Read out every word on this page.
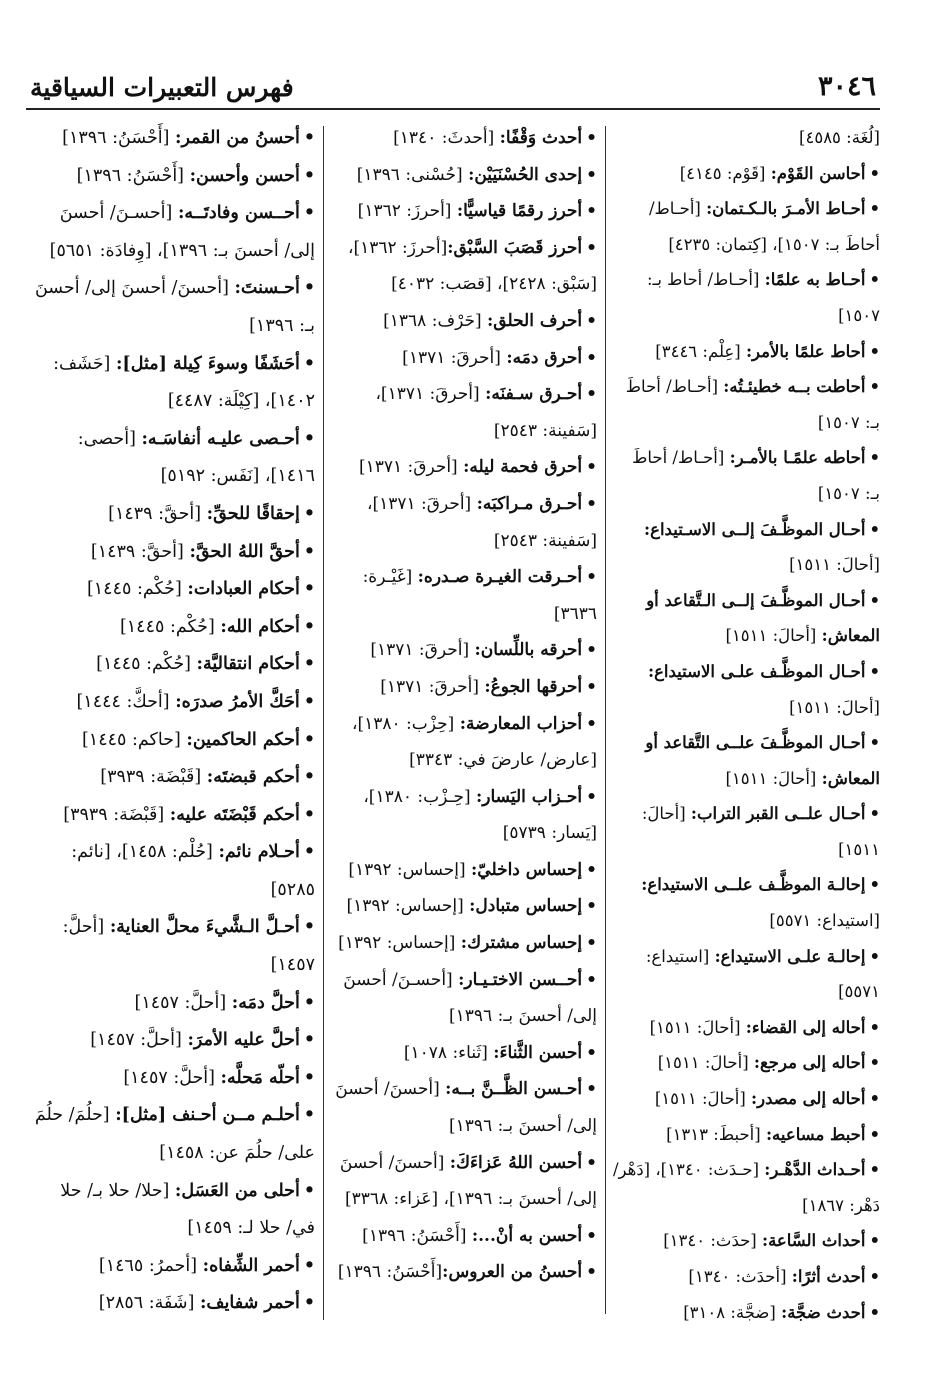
٣٠٤٦
فهرس التعبيرات السياقية

[لُغَة: ٤٥٨٥]

•أحاسن القَوْم: [قَوْم: ٤١٤٥]

•أحـاط الأمـرَ بالـكـتمان: [أحـاط/ أحاطَ بـ: ١٥٠٧]، [كِتمان: ٤٢٣٥]

•أحـاط به علمًا: [أحـاط/ أحاط بـ: ١٥٠٧]

•أحاط علمًا بالأمر: [عِلْم: ٣٤٤٦]

•أحاطت بــه خطيئـتُه: [أحـاط/ أحاطَ بـ: ١٥٠٧]

•أحاطه علمًـا بالأمـر: [أحـاط/ أحاطَ بـ: ١٥٠٧]

•أحـال الموظَّـفَ إلــى الاسـتيداع: [أحالَ: ١٥١١]

•أحـال الموظَّـفَ إلــى الـتَّقاعد أو المعاش: [أحالَ: ١٥١١]

•أحـال الموظَّـف علـى الاستيداع: [أحالَ: ١٥١١]

•أحـال الموظَّـفَ علــى التَّقاعد أو المعاش: [أحالَ: ١٥١١]

•أحـال علــى القبر التراب: [أحالَ: ١٥١١]

•إحالـة الموظَّـف علــى الاستيداع: [استيداع: ٥٥٧١]

•إحالـة علـى الاستيداع: [استيداع: ٥٥٧١]

•أحاله إلى القضاء: [أحالَ: ١٥١١]

•أحاله إلى مرجع: [أحالَ: ١٥١١]

•أحاله إلى مصدر: [أحالَ: ١٥١١]

•أحبط مساعيه: [أحبطَ: ١٣١٣]

•أحـداث الدَّهْـر: [حـدَث: ١٣٤٠]، [دَهْر/ دَهْر: ١٨٦٧]

•أحداث السَّاعة: [حدَث: ١٣٤٠]

•أحدث أثرًا: [أحدَث: ١٣٤٠]

•أحدث ضجَّة: [ضجَّة: ٣١٠٨]

•أحدث وَقْفًا: [أحدثَ: ١٣٤٠]

•إحدى الحُسْنَيَيْن: [حُسْنى: ١٣٩٦]

•أحرز رقمًا قياسيًّا: [أحرزَ: ١٣٦٢]

•أحرز قَصَبَ السَّبْق:[أحرزَ: ١٣٦٢]، [سَبْق: ٢٤٢٨]، [قصَب: ٤٠٣٢]

•أحرف الحلق: [حَرْف: ١٣٦٨]

•أحرق دمَه: [أحرقَ: ١٣٧١]

•أحـرق سـفنَه: [أحرقَ: ١٣٧١]، [سَفينة: ٢٥٤٣]

•أحرق فحمة ليله: [أحرقَ: ١٣٧١]

•أحـرق مـراكبَه: [أحرقَ: ١٣٧١]، [سَفينة: ٢٥٤٣]

•أحـرقت الغيـرة صـدره: [غَيْـرة: ٣٦٣٦]

•أحرقه باللِّسان: [أحرقَ: ١٣٧١]

•أحرقها الجوعُ: [أحرقَ: ١٣٧١]

•أحزاب المعارضة: [حِزْب: ١٣٨٠]، [عارض/ عارضَ في: ٣٣٤٣]

•أحـزاب اليَسار: [حِـزْب: ١٣٨٠]، [يَسار: ٥٧٣٩]

•إحساس داخليّ: [إحساس: ١٣٩٢]

•إحساس متبادل: [إحساس: ١٣٩٢]

•إحساس مشترك: [إحساس: ١٣٩٢]

•أحــسن الاختـيـار: [أحسـنَ/ أحسنَ إلى/ أحسنَ بـ: ١٣٩٦]

•أحسن الثَّناءَ: [ثَناء: ١٠٧٨]

•أحـسن الظَّــنَّ بــه: [أحسنَ/ أحسنَ إلى/ أحسنَ بـ: ١٣٩٦]

•أحسن اللهُ عَزاءَكَ: [أحسنَ/ أحسنَ إلى/ أحسنَ بـ: ١٣٩٦]، [عَزاء: ٣٣٦٨]

•أحسن به أنْ...: [أَحْسَنُ: ١٣٩٦]

•أحسنُ من العروس:[أَحْسَنُ: ١٣٩٦]

•أحسنُ من القمر: [أَحْسَنُ: ١٣٩٦]

•أحسن وأحسن: [أَحْسَنُ: ١٣٩٦]

•أحــسن وفادتَــه: [أحسـنَ/ أحسنَ إلى/ أحسنَ بـ: ١٣٩٦]، [وِفادَة: ٥٦٥١]

•أحـسنتَ: [أحسنَ/ أحسنَ إلى/ أحسنَ بـ: ١٣٩٦]

•أحَشَفًا وسوءَ كِيلة [مثل]: [حَشَف: ١٤٠٢]، [كِيْلَة: ٤٤٨٧]

•أحـصى عليـه أنفاسَـه: [أحصى: ١٤١٦]، [نَفَس: ٥١٩٢]

•إحقاقًا للحقِّ: [أحقَّ: ١٤٣٩]

•أحقَّ اللهُ الحقَّ: [أحقَّ: ١٤٣٩]

•أحكام العبادات: [حُكْم: ١٤٤٥]

•أحكام الله: [حُكْم: ١٤٤٥]

•أحكام انتقاليَّة: [حُكْم: ١٤٤٥]

•أحَكَّ الأمرُ صدرَه: [أحكَّ: ١٤٤٤]

•أحكم الحاكمين: [حاكم: ١٤٤٥]

•أحكم قبضتَه: [قَبْضَة: ٣٩٣٩]

•أحكم قَبْضَتَه عليه: [قَبْضَة: ٣٩٣٩]

•أحـلام نائم: [حُلْم: ١٤٥٨]، [نائم: ٥٢٨٥]

•أحـلَّ الـشَّيءَ محلَّ العناية: [أحلَّ: ١٤٥٧]

•أحلَّ دمَه: [أحلَّ: ١٤٥٧]

•أحلَّ عليه الأمرَ: [أحلَّ: ١٤٥٧]

•أحلّه مَحلَّه: [أحلَّ: ١٤٥٧]

•أحلـم مــن أحـنف [مثل]: [حلُمَ/ حلُمَ على/ حلُمَ عن: ١٤٥٨]

•أحلى من العَسَل: [حلا/ حلا بـ/ حلا في/ حلا لـ: ١٤٥٩]

•أحمر الشِّفاه: [أحمرُ: ١٤٦٥]

•أحمر شفايف: [شَفَة: ٢٨٥٦]
